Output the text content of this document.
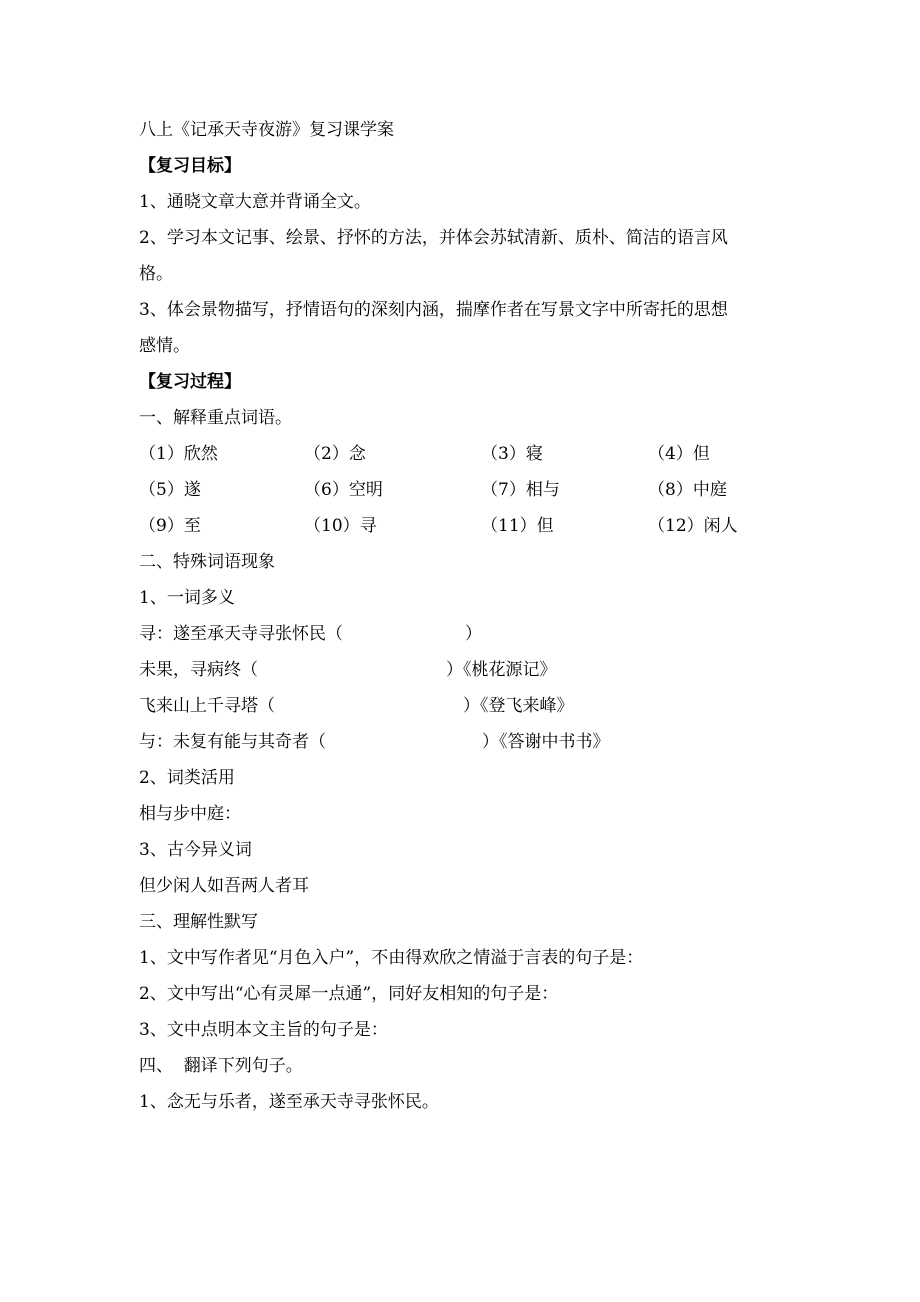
八上《记承天寺夜游》复习课学案
【复习目标】
1、通晓文章大意并背诵全文。
2、学习本文记事、绘景、抒怀的方法，并体会苏轼清新、质朴、简洁的语言风
格。
3、体会景物描写，抒情语句的深刻内涵，揣摩作者在写景文字中所寄托的思想
感情。
【复习过程】
一、解释重点词语。
（1）欣然	（2）念	（3）寝	（4）但
（5）遂	（6）空明	（7）相与	（8）中庭
（9）至	（10）寻	（11）但	（12）闲人
二、特殊词语现象
1、一词多义
寻：遂至承天寺寻张怀民（	）
未果，寻病终（	）《桃花源记》
飞来山上千寻塔（	）《登飞来峰》
与：未复有能与其奇者（	）《答谢中书书》
2、词类活用
相与步中庭：
3、古今异义词
但少闲人如吾两人者耳
三、理解性默写
1、文中写作者见“月色入户”，不由得欢欣之情溢于言表的句子是：
2、文中写出“心有灵犀一点通”，同好友相知的句子是：
3、文中点明本文主旨的句子是：
四、  翻译下列句子。
1、念无与乐者，遂至承天寺寻张怀民。
